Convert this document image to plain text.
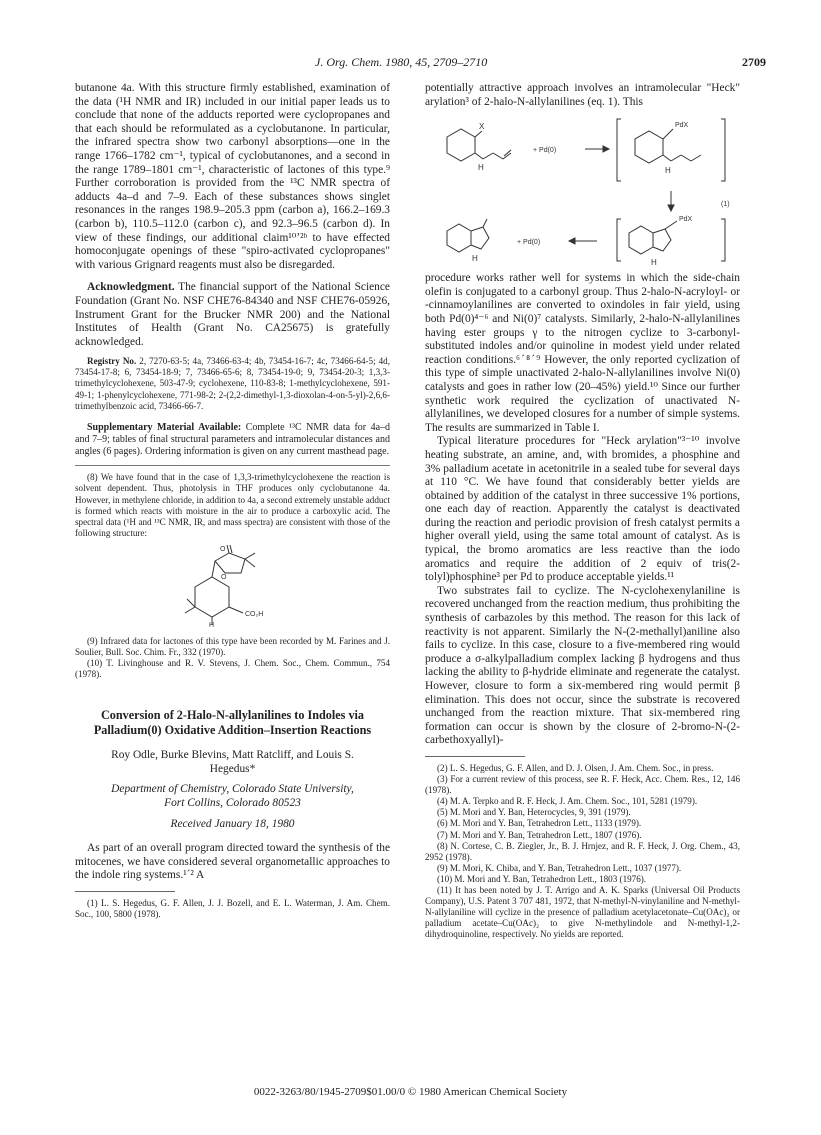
J. Org. Chem. 1980, 45, 2709–2710	2709

butanone 4a. With this structure firmly established, examination of the data (¹H NMR and IR) included in our initial paper leads us to conclude that none of the adducts reported were cyclopropanes and that each should be reformulated as a cyclobutanone. In particular, the infrared spectra show two carbonyl absorptions—one in the range 1766–1782 cm⁻¹, typical of cyclobutanones, and a second in the range 1789–1801 cm⁻¹, characteristic of lactones of this type.⁹ Further corroboration is provided from the ¹³C NMR spectra of adducts 4a–d and 7–9. Each of these substances shows singlet resonances in the ranges 198.9–205.3 ppm (carbon a), 166.2–169.3 (carbon b), 110.5–112.0 (carbon c), and 92.3–96.5 (carbon d). In view of these findings, our additional claim¹⁰ʼ²ᵇ to have effected homoconjugate openings of these "spiro-activated cyclopropanes" with various Grignard reagents must also be disregarded.

Acknowledgment. The financial support of the National Science Foundation (Grant No. NSF CHE76-84340 and NSF CHE76-05926, Instrument Grant for the Brucker NMR 200) and the National Institutes of Health (Grant No. CA25675) is gratefully acknowledged.

Registry No. 2, 7270-63-5; 4a, 73466-63-4; 4b, 73454-16-7; 4c, 73466-64-5; 4d, 73454-17-8; 6, 73454-18-9; 7, 73466-65-6; 8, 73454-19-0; 9, 73454-20-3; 1,3,3-trimethylcyclohexene, 503-47-9; cyclohexene, 110-83-8; 1-methylcyclohexene, 591-49-1; 1-phenylcyclohexene, 771-98-2; 2-(2,2-dimethyl-1,3-dioxolan-4-on-5-yl)-2,6,6-trimethylbenzoic acid, 73466-66-7.

Supplementary Material Available: Complete ¹³C NMR data for 4a–d and 7–9; tables of final structural parameters and intramolecular distances and angles (6 pages). Ordering information is given on any current masthead page.

(8) We have found that in the case of 1,3,3-trimethylcyclohexene the reaction is solvent dependent. Thus, photolysis in THF produces only cyclobutanone 4a. However, in methylene chloride, in addition to 4a, a second extremely unstable adduct is formed which reacts with moisture in the air to produce a carboxylic acid. The spectral data (¹H and ¹³C NMR, IR, and mass spectra) are consistent with those of the following structure:

O
O
CO₂H
H

(9) Infrared data for lactones of this type have been recorded by M. Farines and J. Soulier, Bull. Soc. Chim. Fr., 332 (1970).

(10) T. Livinghouse and R. V. Stevens, J. Chem. Soc., Chem. Commun., 754 (1978).

Conversion of 2-Halo-N-allylanilines to Indoles via Palladium(0) Oxidative Addition–Insertion Reactions

Roy Odle, Burke Blevins, Matt Ratcliff, and Louis S. Hegedus*

Department of Chemistry, Colorado State University, Fort Collins, Colorado 80523

Received January 18, 1980

As part of an overall program directed toward the synthesis of the mitocenes, we have considered several organometallic approaches to the indole ring systems.¹ˊ² A

(1) L. S. Hegedus, G. F. Allen, J. J. Bozell, and E. L. Waterman, J. Am. Chem. Soc., 100, 5800 (1978).

potentially attractive approach involves an intramolecular "Heck" arylation³ of 2-halo-N-allylanilines (eq. 1). This

X
H
+ Pd(0)
PdX
H
(1)
PdX
H
+ Pd(0)
H

procedure works rather well for systems in which the side-chain olefin is conjugated to a carbonyl group. Thus 2-halo-N-acryloyl- or -cinnamoylanilines are converted to oxindoles in fair yield, using both Pd(0)⁴⁻⁶ and Ni(0)⁷ catalysts. Similarly, 2-halo-N-allylanilines having ester groups γ to the nitrogen cyclize to 3-carbonyl-substituted indoles and/or quinoline in modest yield under related reaction conditions.⁶ˊ⁸ˊ⁹ However, the only reported cyclization of this type of simple unactivated 2-halo-N-allylanilines involve Ni(0) catalysts and goes in rather low (20–45%) yield.¹⁰ Since our further synthetic work required the cyclization of unactivated N-allylanilines, we developed closures for a number of simple systems. The results are summarized in Table I.

Typical literature procedures for "Heck arylation"³⁻¹⁰ involve heating substrate, an amine, and, with bromides, a phosphine and 3% palladium acetate in acetonitrile in a sealed tube for several days at 110 °C. We have found that considerably better yields are obtained by addition of the catalyst in three successive 1% portions, one each day of reaction. Apparently the catalyst is deactivated during the reaction and periodic provision of fresh catalyst permits a higher overall yield, using the same total amount of catalyst. As is typical, the bromo aromatics are less reactive than the iodo aromatics and require the addition of 2 equiv of tris(2-tolyl)phosphine³ per Pd to produce acceptable yields.¹¹

Two substrates fail to cyclize. The N-cyclohexenylaniline is recovered unchanged from the reaction medium, thus prohibiting the synthesis of carbazoles by this method. The reason for this lack of reactivity is not apparent. Similarly the N-(2-methallyl)aniline also fails to cyclize. In this case, closure to a five-membered ring would produce a σ-alkylpalladium complex lacking β hydrogens and thus lacking the ability to β-hydride eliminate and regenerate the catalyst. However, closure to form a six-membered ring would permit β elimination. This does not occur, since the substrate is recovered unchanged from the reaction mixture. That six-membered ring formation can occur is shown by the closure of 2-bromo-N-(2-carbethoxyallyl)-

(2) L. S. Hegedus, G. F. Allen, and D. J. Olsen, J. Am. Chem. Soc., in press.

(3) For a current review of this process, see R. F. Heck, Acc. Chem. Res., 12, 146 (1978).

(4) M. A. Terpko and R. F. Heck, J. Am. Chem. Soc., 101, 5281 (1979).

(5) M. Mori and Y. Ban, Heterocycles, 9, 391 (1979).

(6) M. Mori and Y. Ban, Tetrahedron Lett., 1133 (1979).

(7) M. Mori and Y. Ban, Tetrahedron Lett., 1807 (1976).

(8) N. Cortese, C. B. Ziegler, Jr., B. J. Hrnjez, and R. F. Heck, J. Org. Chem., 43, 2952 (1978).

(9) M. Mori, K. Chiba, and Y. Ban, Tetrahedron Lett., 1037 (1977).

(10) M. Mori and Y. Ban, Tetrahedron Lett., 1803 (1976).

(11) It has been noted by J. T. Arrigo and A. K. Sparks (Universal Oil Products Company), U.S. Patent 3 707 481, 1972, that N-methyl-N-vinylaniline and N-methyl-N-allylaniline will cyclize in the presence of palladium acetylacetonate–Cu(OAc)₂ or palladium acetate–Cu(OAc)₂ to give N-methylindole and N-methyl-1,2-dihydroquinoline, respectively. No yields are reported.

0022-3263/80/1945-2709$01.00/0 © 1980 American Chemical Society
